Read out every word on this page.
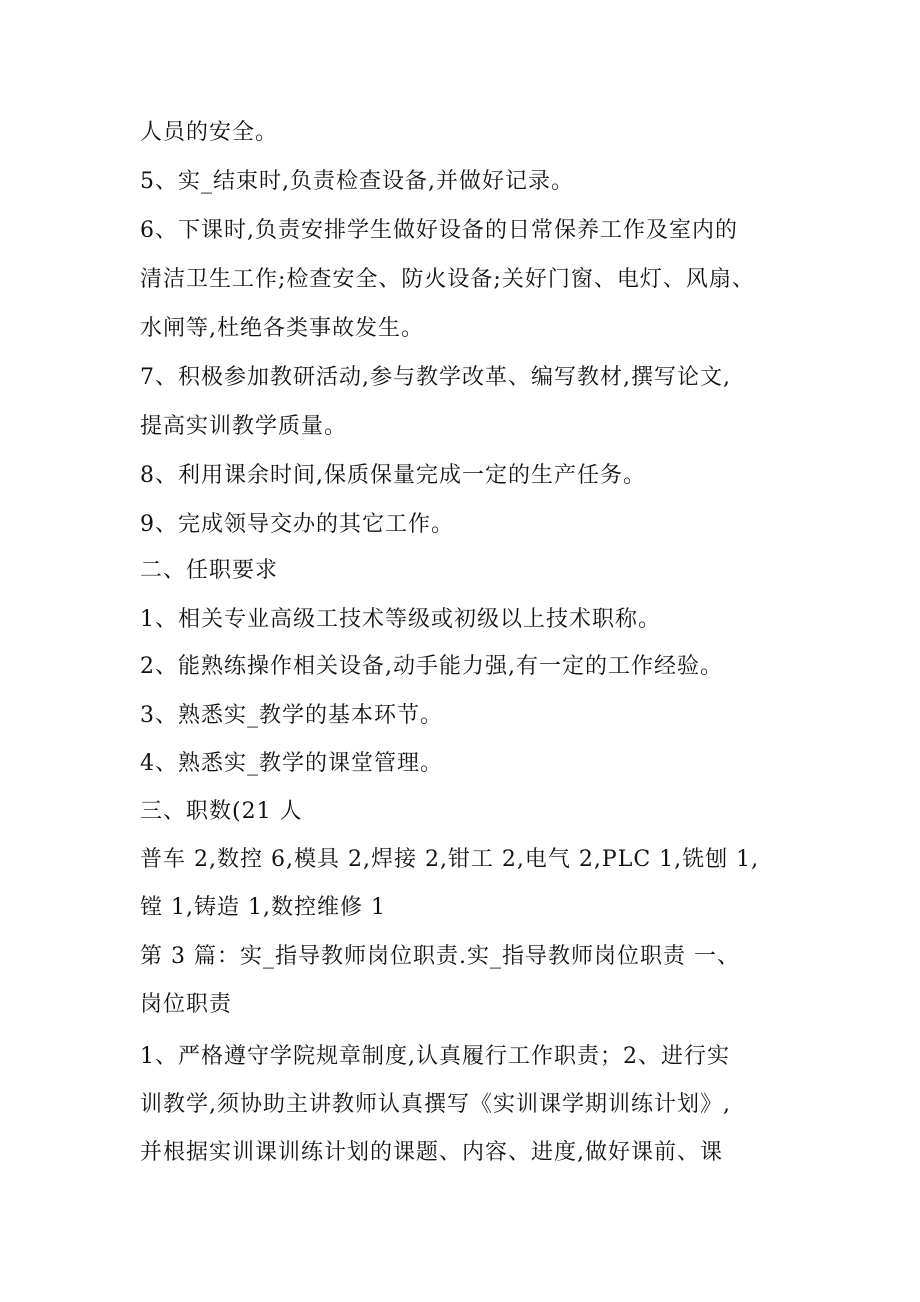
人员的安全。
5、实_结束时,负责检查设备,并做好记录。
6、下课时,负责安排学生做好设备的日常保养工作及室内的
清洁卫生工作;检查安全、防火设备;关好门窗、电灯、风扇、
水闸等,杜绝各类事故发生。
7、积极参加教研活动,参与教学改革、编写教材,撰写论文,
提高实训教学质量。
8、利用课余时间,保质保量完成一定的生产任务。
9、完成领导交办的其它工作。
二、任职要求
1、相关专业高级工技术等级或初级以上技术职称。
2、能熟练操作相关设备,动手能力强,有一定的工作经验。
3、熟悉实_教学的基本环节。
4、熟悉实_教学的课堂管理。
三、职数(21 人
普车 2,数控 6,模具 2,焊接 2,钳工 2,电气 2,PLC 1,铣刨 1,
镗 1,铸造 1,数控维修 1
第 3 篇：实_指导教师岗位职责.实_指导教师岗位职责 一、
岗位职责
1、严格遵守学院规章制度,认真履行工作职责；2、进行实
训教学,须协助主讲教师认真撰写《实训课学期训练计划》,
并根据实训课训练计划的课题、内容、进度,做好课前、课
